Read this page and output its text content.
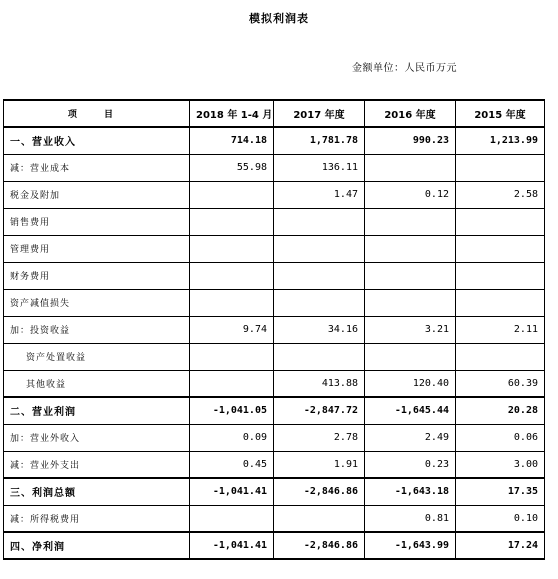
模拟利润表
金额单位：人民币万元
项 目	2018 年 1-4 月	2017 年度	2016 年度	2015 年度
一、营业收入	714.18	1,781.78	990.23	1,213.99
减：营业成本	55.98	136.11		
税金及附加		1.47	0.12	2.58
销售费用				
管理费用				
财务费用				
资产减值损失				
加：投资收益	9.74	34.16	3.21	2.11
资产处置收益				
其他收益		413.88	120.40	60.39
二、营业利润	-1,041.05	-2,847.72	-1,645.44	20.28
加：营业外收入	0.09	2.78	2.49	0.06
减：营业外支出	0.45	1.91	0.23	3.00
三、利润总额	-1,041.41	-2,846.86	-1,643.18	17.35
减：所得税费用			0.81	0.10
四、净利润	-1,041.41	-2,846.86	-1,643.99	17.24
